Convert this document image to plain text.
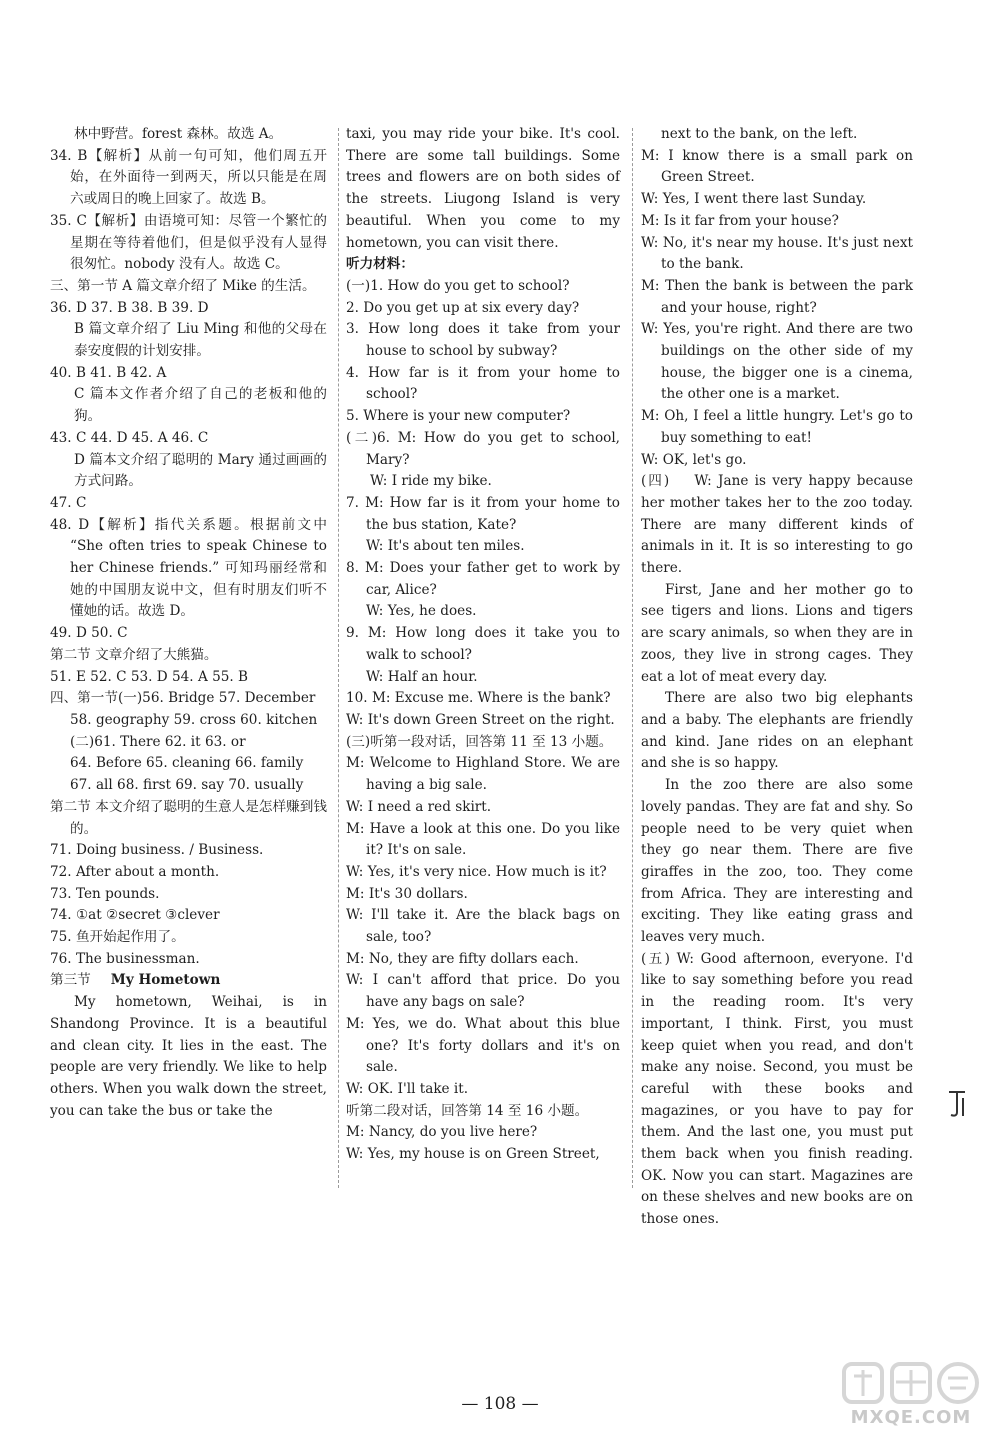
林中野营。forest 森林。故选 A。

34. B【解析】从前一句可知，他们周五开始，在外面待一到两天，所以只能是在周六或周日的晚上回家了。故选 B。

35. C【解析】由语境可知：尽管一个繁忙的星期在等待着他们，但是似乎没有人显得很匆忙。nobody 没有人。故选 C。

三、第一节 A 篇文章介绍了 Mike 的生活。

36. D 37. B 38. B 39. D

B 篇文章介绍了 Liu Ming 和他的父母在泰安度假的计划安排。

40. B 41. B 42. A

C 篇本文作者介绍了自己的老板和他的狗。

43. C 44. D 45. A 46. C

D 篇本文介绍了聪明的 Mary 通过画画的方式问路。

47. C

48. D【解析】指代关系题。根据前文中 “She often tries to speak Chinese to her Chinese friends.” 可知玛丽经常和她的中国朋友说中文，但有时朋友们听不懂她的话。故选 D。

49. D 50. C

第二节 文章介绍了大熊猫。

51. E 52. C 53. D 54. A 55. B

四、第一节(一)56. Bridge 57. December

58. geography 59. cross 60. kitchen

(二)61. There 62. it 63. or

64. Before 65. cleaning 66. family

67. all 68. first 69. say 70. usually

第二节 本文介绍了聪明的生意人是怎样赚到钱的。

71. Doing business. / Business.

72. After about a month.

73. Ten pounds.

74. ①at ②secret ③clever

75. 鱼开始起作用了。

76. The businessman.

第三节 My Hometown

My hometown, Weihai, is in Shandong Province. It is a beautiful and clean city. It lies in the east. The people are very friendly. We like to help others. When you walk down the street, you can take the bus or take the

taxi, you may ride your bike. It's cool. There are some tall buildings. Some trees and flowers are on both sides of the streets. Liugong Island is very beautiful. When you come to my hometown, you can visit there.

听力材料：

(一)1. How do you get to school?

2. Do you get up at six every day?

3. How long does it take from your house to school by subway?

4. How far is it from your home to school?

5. Where is your new computer?

(二)6. M: How do you get to school, Mary?

W: I ride my bike.

7. M: How far is it from your home to the bus station, Kate?

W: It's about ten miles.

8. M: Does your father get to work by car, Alice?

W: Yes, he does.

9. M: How long does it take you to walk to school?

W: Half an hour.

10. M: Excuse me. Where is the bank?

W: It's down Green Street on the right.

(三)听第一段对话，回答第 11 至 13 小题。

M: Welcome to Highland Store. We are having a big sale.

W: I need a red skirt.

M: Have a look at this one. Do you like it? It's on sale.

W: Yes, it's very nice. How much is it?

M: It's 30 dollars.

W: I'll take it. Are the black bags on sale, too?

M: No, they are fifty dollars each.

W: I can't afford that price. Do you have any bags on sale?

M: Yes, we do. What about this blue one? It's forty dollars and it's on sale.

W: OK. I'll take it.

听第二段对话，回答第 14 至 16 小题。

M: Nancy, do you live here?

W: Yes, my house is on Green Street,

next to the bank, on the left.

M: I know there is a small park on Green Street.

W: Yes, I went there last Sunday.

M: Is it far from your house?

W: No, it's near my house. It's just next to the bank.

M: Then the bank is between the park and your house, right?

W: Yes, you're right. And there are two buildings on the other side of my house, the bigger one is a cinema, the other one is a market.

M: Oh, I feel a little hungry. Let's go to buy something to eat!

W: OK, let's go.

(四) W: Jane is very happy because her mother takes her to the zoo today. There are many different kinds of animals in it. It is so interesting to go there.

First, Jane and her mother go to see tigers and lions. Lions and tigers are scary animals, so when they are in zoos, they live in strong cages. They eat a lot of meat every day.

There are also two big elephants and a baby. The elephants are friendly and kind. Jane rides on an elephant and she is so happy.

In the zoo there are also some lovely pandas. They are fat and shy. So people need to be very quiet when they go near them. There are five giraffes in the zoo, too. They come from Africa. They are interesting and exciting. They like eating grass and leaves very much.

(五) W: Good afternoon, everyone. I'd like to say something before you read in the reading room. It's very important, I think. First, you must keep quiet when you read, and don't make any noise. Second, you must be careful with these books and magazines, or you have to pay for them. And the last one, you must put them back when you finish reading. OK. Now you can start. Magazines are on these shelves and new books are on those ones.

— 108 —
MXQE.COM
